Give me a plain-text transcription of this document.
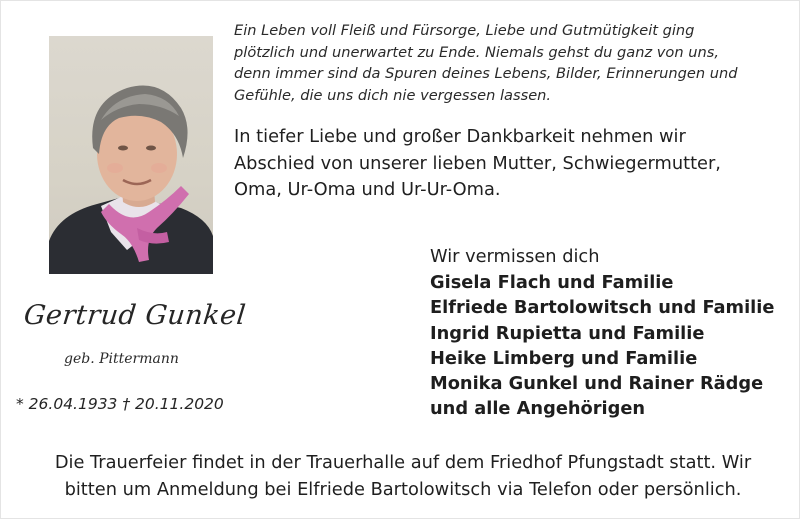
Ein Leben voll Fleiß und Fürsorge, Liebe und Gutmütigkeit ging
plötzlich und unerwartet zu Ende. Niemals gehst du ganz von uns,
denn immer sind da Spuren deines Lebens, Bilder, Erinnerungen und
Gefühle, die uns dich nie vergessen lassen.
In tiefer Liebe und großer Dankbarkeit nehmen wir
Abschied von unserer lieben Mutter, Schwiegermutter,
Oma, Ur-Oma und Ur-Ur-Oma.
Wir vermissen dich
Gisela Flach und Familie
Elfriede Bartolowitsch und Familie
Ingrid Rupietta und Familie
Heike Limberg und Familie
Monika Gunkel und Rainer Rädge
und alle Angehörigen
Gertrud Gunkel
geb. Pittermann
* 26.04.1933 † 20.11.2020
Die Trauerfeier findet in der Trauerhalle auf dem Friedhof Pfungstadt statt. Wir
bitten um Anmeldung bei Elfriede Bartolowitsch via Telefon oder persönlich.
